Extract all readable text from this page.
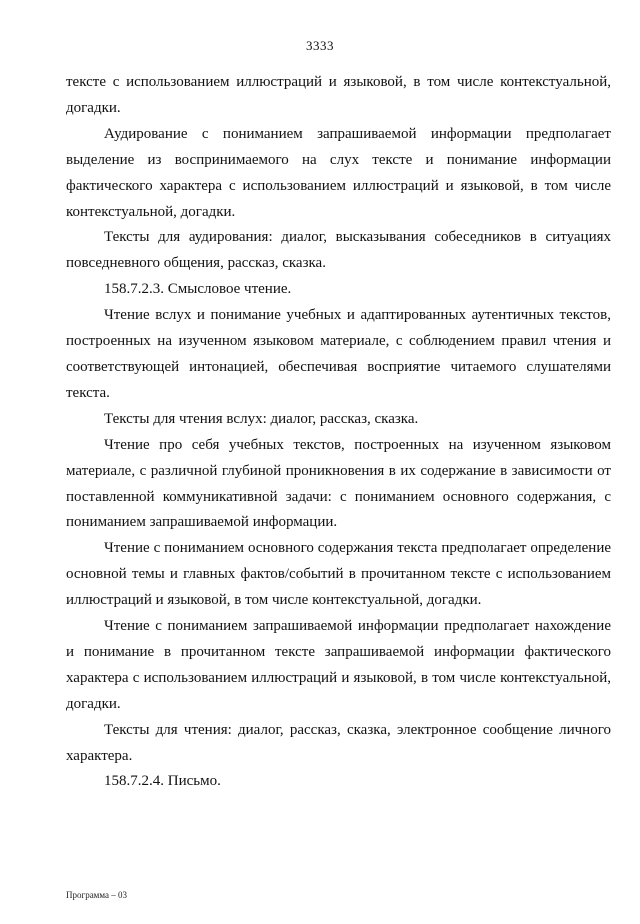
3333

тексте с использованием иллюстраций и языковой, в том числе контекстуальной, догадки.

Аудирование с пониманием запрашиваемой информации предполагает выделение из воспринимаемого на слух тексте и понимание информации фактического характера с использованием иллюстраций и языковой, в том числе контекстуальной, догадки.

Тексты для аудирования: диалог, высказывания собеседников в ситуациях повседневного общения, рассказ, сказка.

158.7.2.3. Смысловое чтение.

Чтение вслух и понимание учебных и адаптированных аутентичных текстов, построенных на изученном языковом материале, с соблюдением правил чтения и соответствующей интонацией, обеспечивая восприятие читаемого слушателями текста.

Тексты для чтения вслух: диалог, рассказ, сказка.

Чтение про себя учебных текстов, построенных на изученном языковом материале, с различной глубиной проникновения в их содержание в зависимости от поставленной коммуникативной задачи: с пониманием основного содержания, с пониманием запрашиваемой информации.

Чтение с пониманием основного содержания текста предполагает определение основной темы и главных фактов/событий в прочитанном тексте с использованием иллюстраций и языковой, в том числе контекстуальной, догадки.

Чтение с пониманием запрашиваемой информации предполагает нахождение и понимание в прочитанном тексте запрашиваемой информации фактического характера с использованием иллюстраций и языковой, в том числе контекстуальной, догадки.

Тексты для чтения: диалог, рассказ, сказка, электронное сообщение личного характера.

158.7.2.4. Письмо.

Программа – 03
